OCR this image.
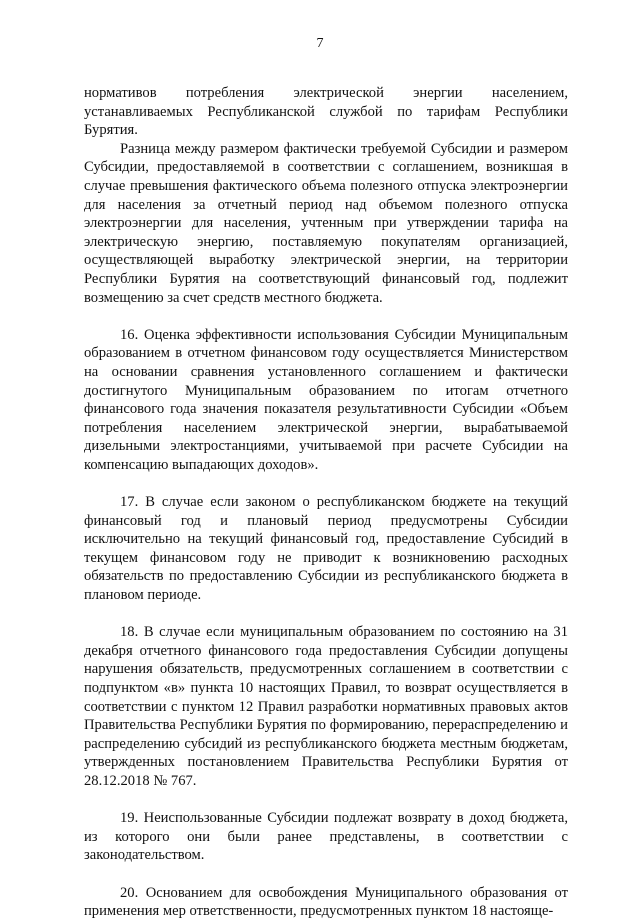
7

нормативов потребления электрической энергии населением, устанавливаемых Республиканской службой по тарифам Республики Бурятия.

Разница между размером фактически требуемой Субсидии и размером Субсидии, предоставляемой в соответствии с соглашением, возникшая в случае превышения фактического объема полезного отпуска электроэнергии для населения за отчетный период над объемом полезного отпуска электроэнергии для населения, учтенным при утверждении тарифа на электрическую энергию, поставляемую покупателям организацией, осуществляющей выработку электрической энергии, на территории Республики Бурятия на соответствующий финансовый год, подлежит возмещению за счет средств местного бюджета.

16. Оценка эффективности использования Субсидии Муниципальным образованием в отчетном финансовом году осуществляется Министерством на основании сравнения установленного соглашением и фактически достигнутого Муниципальным образованием по итогам отчетного финансового года значения показателя результативности Субсидии «Объем потребления населением электрической энергии, вырабатываемой дизельными электростанциями, учитываемой при расчете Субсидии на компенсацию выпадающих доходов».

17. В случае если законом о республиканском бюджете на текущий финансовый год и плановый период предусмотрены Субсидии исключительно на текущий финансовый год, предоставление Субсидий в текущем финансовом году не приводит к возникновению расходных обязательств по предоставлению Субсидии из республиканского бюджета в плановом периоде.

18. В случае если муниципальным образованием по состоянию на 31 декабря отчетного финансового года предоставления Субсидии допущены нарушения обязательств, предусмотренных соглашением в соответствии с подпунктом «в» пункта 10 настоящих Правил, то возврат осуществляется в соответствии с пунктом 12 Правил разработки нормативных правовых актов Правительства Республики Бурятия по формированию, перераспределению и распределению субсидий из республиканского бюджета местным бюджетам, утвержденных постановлением Правительства Республики Бурятия от 28.12.2018 № 767.

19. Неиспользованные Субсидии подлежат возврату в доход бюджета, из которого они были ранее представлены, в соответствии с законодательством.

20. Основанием для освобождения Муниципального образования от применения мер ответственности, предусмотренных пунктом 18 настояще-
